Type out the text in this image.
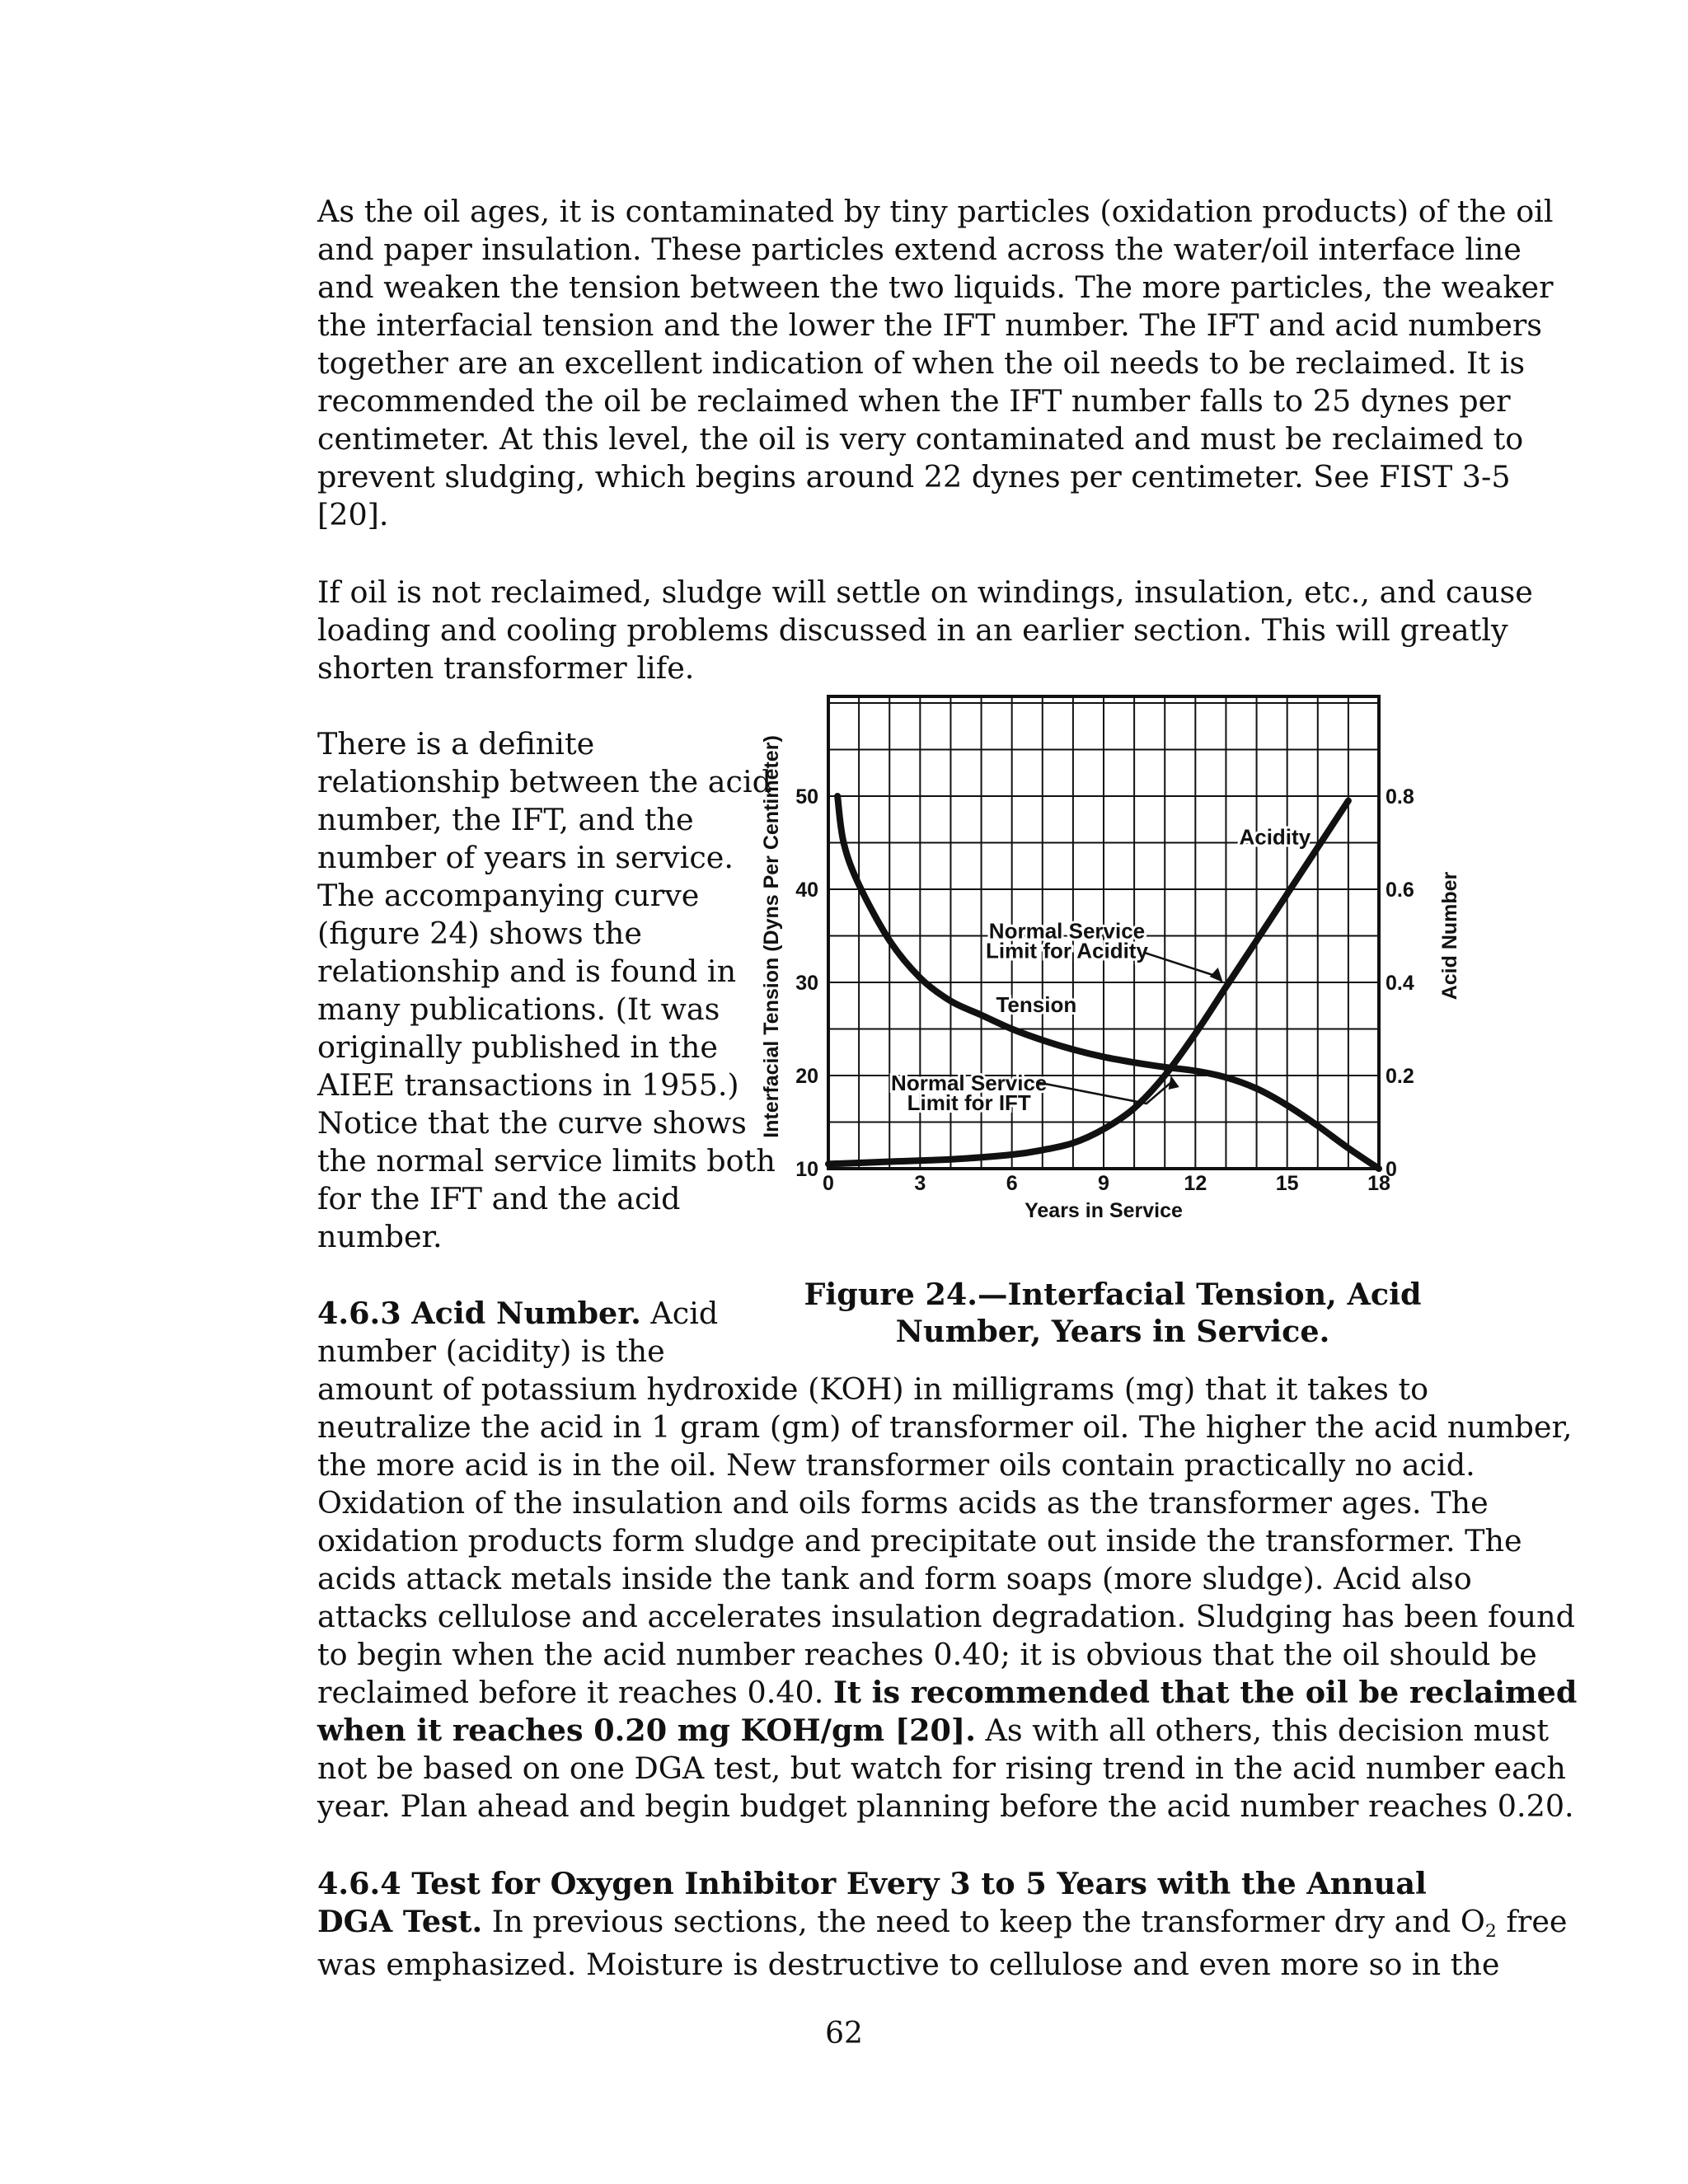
As the oil ages, it is contaminated by tiny particles (oxidation products) of the oil
and paper insulation. These particles extend across the water/oil interface line
and weaken the tension between the two liquids. The more particles, the weaker
the interfacial tension and the lower the IFT number. The IFT and acid numbers
together are an excellent indication of when the oil needs to be reclaimed. It is
recommended the oil be reclaimed when the IFT number falls to 25 dynes per
centimeter. At this level, the oil is very contaminated and must be reclaimed to
prevent sludging, which begins around 22 dynes per centimeter. See FIST 3-5
[20].

If oil is not reclaimed, sludge will settle on windings, insulation, etc., and cause
loading and cooling problems discussed in an earlier section. This will greatly
shorten transformer life.

There is a definite
relationship between the acid
number, the IFT, and the
number of years in service.
The accompanying curve
(figure 24) shows the
relationship and is found in
many publications. (It was
originally published in the
AIEE transactions in 1955.)
Notice that the curve shows
the normal service limits both
for the IFT and the acid
number.

10
20
30
40
50
0
0.2
0.4
0.6
0.8
0	3	6	9	12	15	18
Interfacial Tension (Dyns Per Centimeter)	Acid Number
Years in Service
Acidity
Tension
Normal Service
Limit for Acidity
Normal Service
Limit for IFT
Figure 24.—Interfacial Tension, Acid
Number, Years in Service.

4.6.3 Acid Number. Acid
number (acidity) is the
amount of potassium hydroxide (KOH) in milligrams (mg) that it takes to
neutralize the acid in 1 gram (gm) of transformer oil. The higher the acid number,
the more acid is in the oil. New transformer oils contain practically no acid.
Oxidation of the insulation and oils forms acids as the transformer ages. The
oxidation products form sludge and precipitate out inside the transformer. The
acids attack metals inside the tank and form soaps (more sludge). Acid also
attacks cellulose and accelerates insulation degradation. Sludging has been found
to begin when the acid number reaches 0.40; it is obvious that the oil should be
reclaimed before it reaches 0.40. It is recommended that the oil be reclaimed
when it reaches 0.20 mg KOH/gm [20]. As with all others, this decision must
not be based on one DGA test, but watch for rising trend in the acid number each
year. Plan ahead and begin budget planning before the acid number reaches 0.20.

4.6.4 Test for Oxygen Inhibitor Every 3 to 5 Years with the Annual
DGA Test. In previous sections, the need to keep the transformer dry and $O_2$ free
was emphasized. Moisture is destructive to cellulose and even more so in the

62
